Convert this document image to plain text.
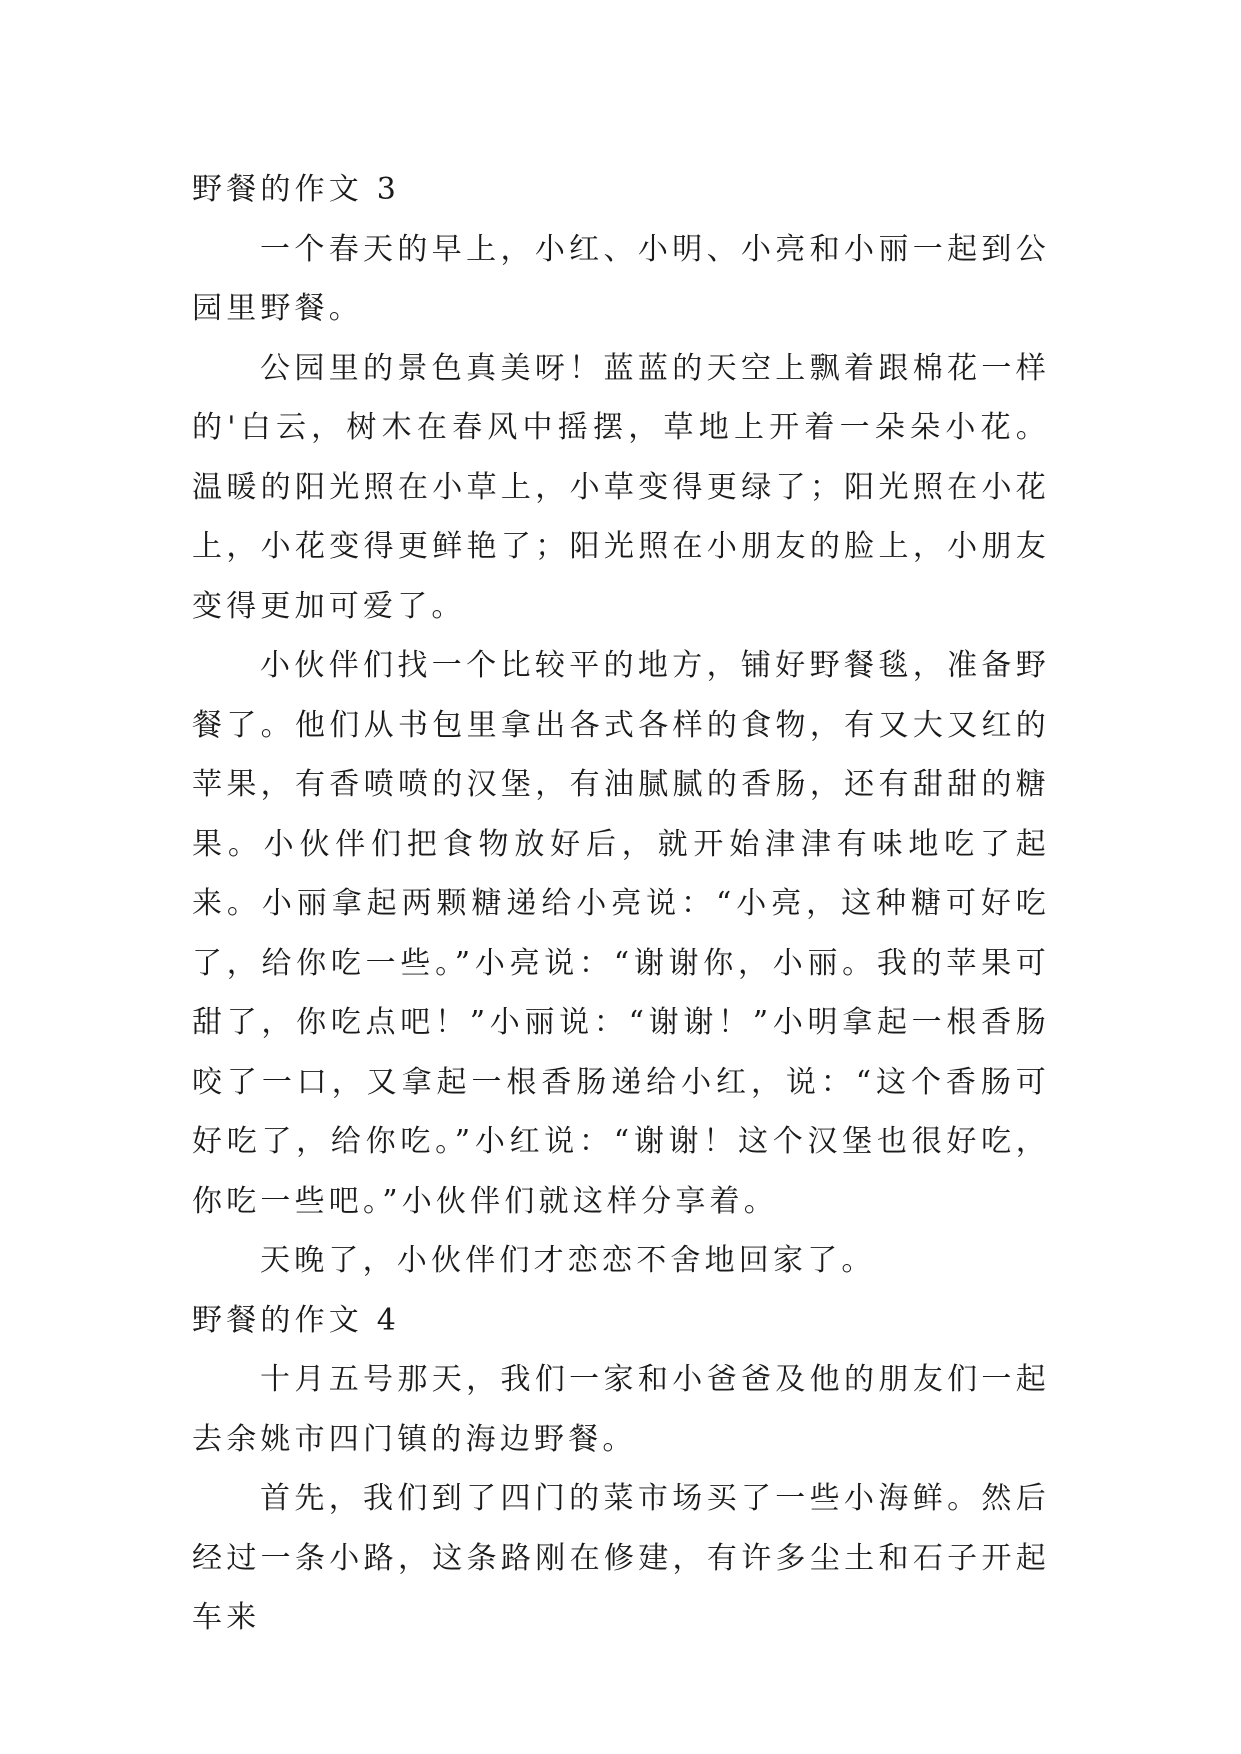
野餐的作文 3

一个春天的早上，小红、小明、小亮和小丽一起到公园里野餐。

公园里的景色真美呀！蓝蓝的天空上飘着跟棉花一样的'白云，树木在春风中摇摆，草地上开着一朵朵小花。温暖的阳光照在小草上，小草变得更绿了；阳光照在小花上，小花变得更鲜艳了；阳光照在小朋友的脸上，小朋友变得更加可爱了。

小伙伴们找一个比较平的地方，铺好野餐毯，准备野餐了。他们从书包里拿出各式各样的食物，有又大又红的苹果，有香喷喷的汉堡，有油腻腻的香肠，还有甜甜的糖果。小伙伴们把食物放好后，就开始津津有味地吃了起来。小丽拿起两颗糖递给小亮说：“小亮，这种糖可好吃了，给你吃一些。”小亮说：“谢谢你，小丽。我的苹果可甜了，你吃点吧！”小丽说：“谢谢！”小明拿起一根香肠咬了一口，又拿起一根香肠递给小红，说：“这个香肠可好吃了，给你吃。”小红说：“谢谢！这个汉堡也很好吃，你吃一些吧。”小伙伴们就这样分享着。

天晚了，小伙伴们才恋恋不舍地回家了。

野餐的作文 4

十月五号那天，我们一家和小爸爸及他的朋友们一起去余姚市四门镇的海边野餐。

首先，我们到了四门的菜市场买了一些小海鲜。然后经过一条小路，这条路刚在修建，有许多尘土和石子开起车来
